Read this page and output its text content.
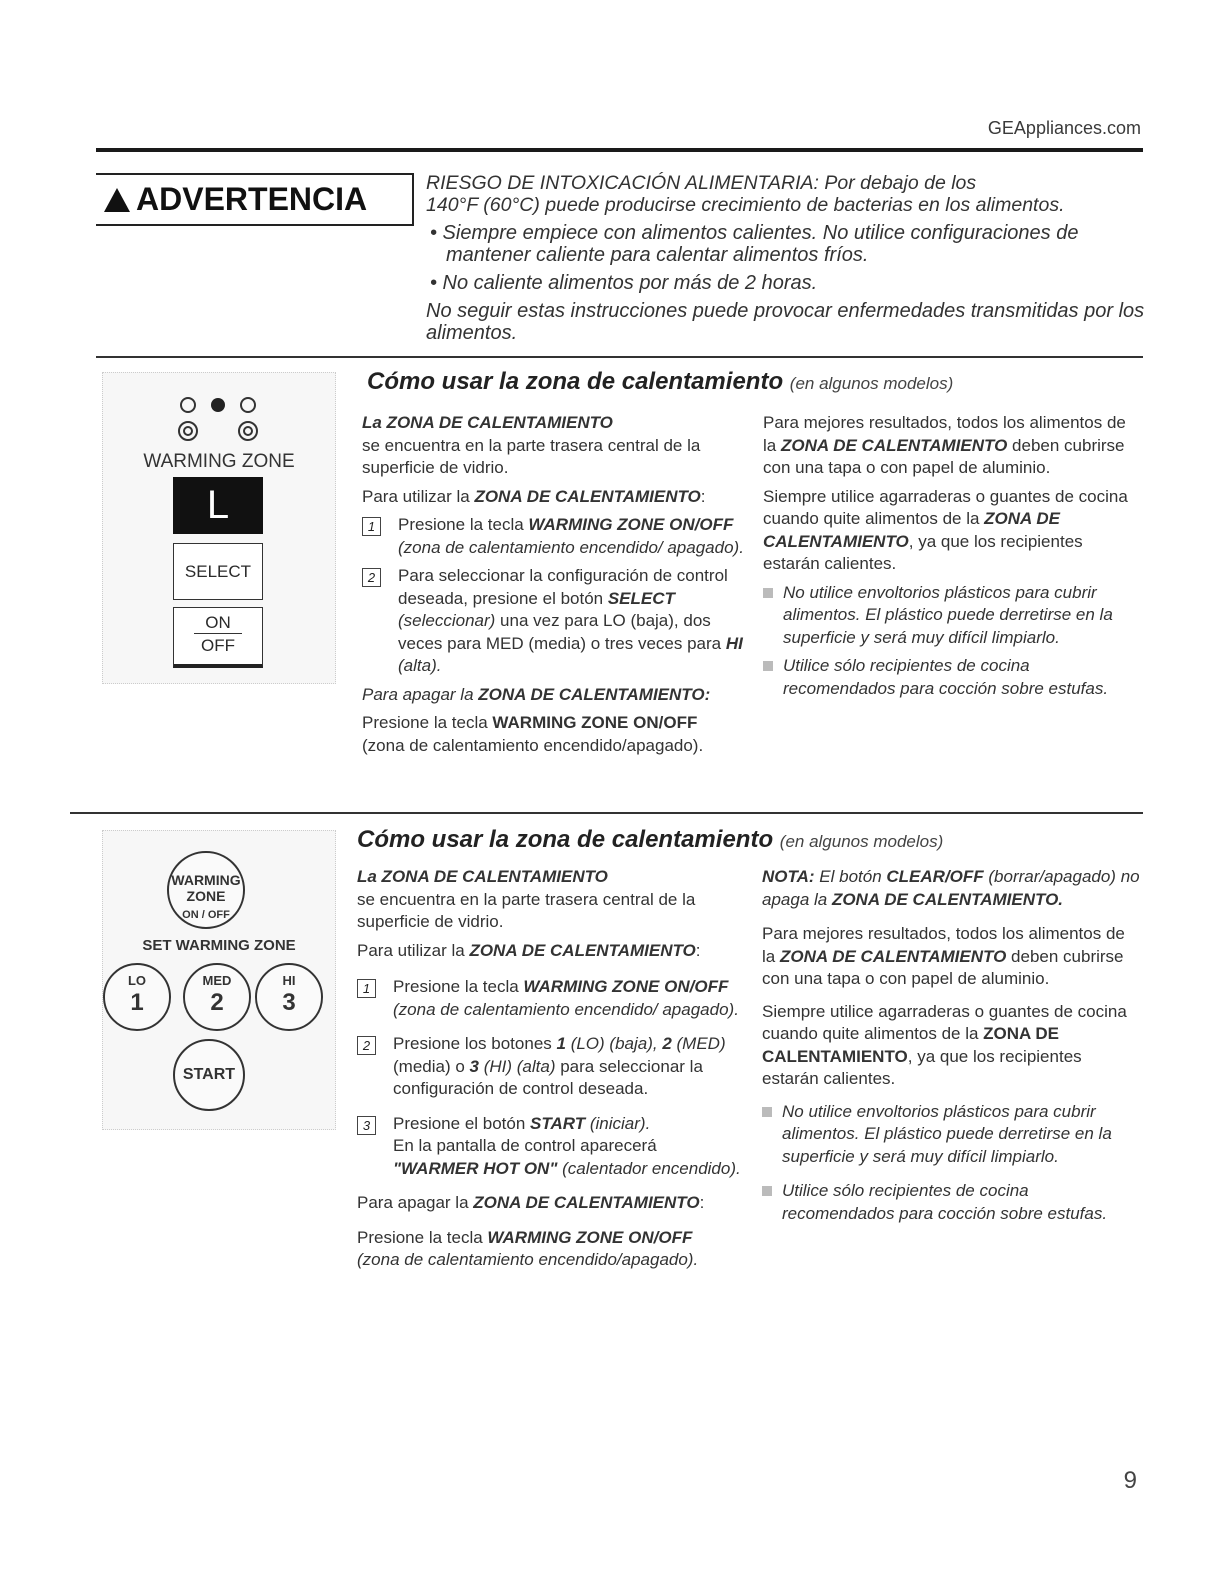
GEAppliances.com
ADVERTENCIA	RIESGO DE INTOXICACIÓN ALIMENTARIA: Por debajo de los

140°F (60°C) puede producirse crecimiento de bacterias en los alimentos.

• Siempre empiece con alimentos calientes. No utilice configuraciones de mantener caliente para calentar alimentos fríos.

• No caliente alimentos por más de 2 horas.

No seguir estas instrucciones puede provocar enfermedades transmitidas por los alimentos.

WARMING ZONE
L
SELECT
ON
OFF
Cómo usar la zona de calentamiento (en algunos modelos)

La ZONA DE CALENTAMIENTO
se encuentra en la parte trasera central de la superficie de vidrio.

Para utilizar la ZONA DE CALENTAMIENTO:

1	Presione la tecla WARMING ZONE ON/OFF
(zona de calentamiento encendido/ apagado).
2	Para seleccionar la configuración de control deseada, presione el botón SELECT (seleccionar) una vez para LO (baja), dos veces para MED (media) o tres veces para HI (alta).

Para apagar la ZONA DE CALENTAMIENTO:

Presione la tecla WARMING ZONE ON/OFF
(zona de calentamiento encendido/apagado).

Para mejores resultados, todos los alimentos de la ZONA DE CALENTAMIENTO deben cubrirse con una tapa o con papel de aluminio.

Siempre utilice agarraderas o guantes de cocina cuando quite alimentos de la ZONA DE CALENTAMIENTO, ya que los recipientes estarán calientes.

No utilice envoltorios plásticos para cubrir alimentos. El plástico puede derretirse en la superficie y será muy difícil limpiarlo.
Utilice sólo recipientes de cocina recomendados para cocción sobre estufas.
WARMING
ZONE
ON / OFF
SET WARMING ZONE
LO
1
MED
2
HI
3
START
Cómo usar la zona de calentamiento (en algunos modelos)

La ZONA DE CALENTAMIENTO
se encuentra en la parte trasera central de la superficie de vidrio.

Para utilizar la ZONA DE CALENTAMIENTO:

1	Presione la tecla WARMING ZONE ON/OFF
(zona de calentamiento encendido/ apagado).
2	Presione los botones 1 (LO) (baja), 2 (MED) (media) o 3 (HI) (alta) para seleccionar la configuración de control deseada.
3	Presione el botón START (iniciar).
En la pantalla de control aparecerá "WARMER HOT ON" (calentador encendido).

Para apagar la ZONA DE CALENTAMIENTO:

Presione la tecla WARMING ZONE ON/OFF
(zona de calentamiento encendido/apagado).

NOTA: El botón CLEAR/OFF (borrar/apagado) no apaga la ZONA DE CALENTAMIENTO.

Para mejores resultados, todos los alimentos de la ZONA DE CALENTAMIENTO deben cubrirse con una tapa o con papel de aluminio.

Siempre utilice agarraderas o guantes de cocina cuando quite alimentos de la ZONA DE CALENTAMIENTO, ya que los recipientes estarán calientes.

No utilice envoltorios plásticos para cubrir alimentos. El plástico puede derretirse en la superficie y será muy difícil limpiarlo.
Utilice sólo recipientes de cocina recomendados para cocción sobre estufas.
9
